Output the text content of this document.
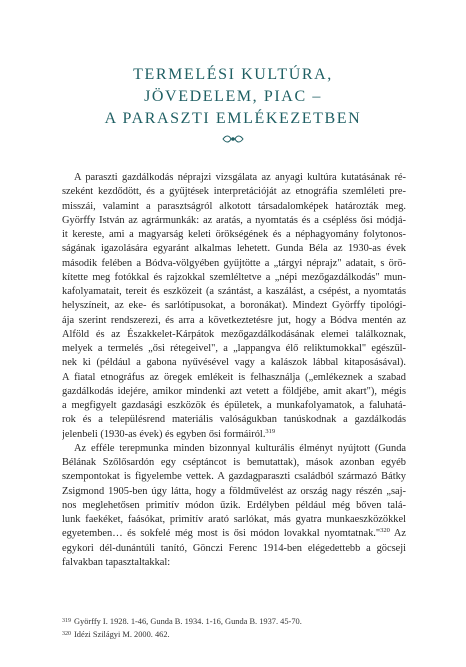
TERMELÉSI KULTÚRA,
JÖVEDELEM, PIAC –
A PARASZTI EMLÉKEZETBEN
A paraszti gazdálkodás néprajzi vizsgálata az anyagi kultúra kutatásának ré-
szeként kezdődött, és a gyűjtések interpretációját az etnográfia szemléleti pre-
misszái, valamint a parasztságról alkotott társadalomképek határozták meg.
Györffy István az agrármunkák: az aratás, a nyomtatás és a csépléss ősi módjá-
it kereste, ami a magyarság keleti örökségének és a néphagyomány folytonos-
ságának igazolására egyaránt alkalmas lehetett. Gunda Béla az 1930-as évek
második felében a Bódva-völgyében gyűjtötte a „tárgyi néprajz" adatait, s örö-
kítette meg fotókkal és rajzokkal szemléltetve a „népi mezőgazdálkodás" mun-
kafolyamatait, tereit és eszközeit (a szántást, a kaszálást, a csépést, a nyomtatás
helyszíneit, az eke- és sarlótípusokat, a boronákat). Mindezt Györffy tipológi-
ája szerint rendszerezi, és arra a következtetésre jut, hogy a Bódva mentén az
Alföld és az Északkelet-Kárpátok mezőgazdálkodásának elemei találkoznak,
melyek a termelés „ősi rétegeivel", a „lappangva élő reliktumokkal" egészül-
nek ki (például a gabona nyűvésével vagy a kalászok lábbal kitaposásával).
A fiatal etnográfus az öregek emlékeit is felhasználja („emlékeznek a szabad
gazdálkodás idejére, amikor mindenki azt vetett a földjébe, amit akart"), mégis
a megfigyelt gazdasági eszközök és épületek, a munkafolyamatok, a faluhatá-
rok és a településrend materiális valóságukban tanúskodnak a gazdálkodás
jelenbeli (1930-as évek) és egyben ősi formáiról.$^{319}$
Az efféle terepmunka minden bizonnyal kulturális élményt nyújtott (Gunda
Bélának Szőlősardón egy cséptáncot is bemutattak), mások azonban egyéb
szempontokat is figyelembe vettek. A gazdagparaszti családból származó Bátky
Zsigmond 1905-ben úgy látta, hogy a földművelést az ország nagy részén „saj-
nos meglehetősen primitív módon űzik. Erdélyben például még bőven talá-
lunk faekéket, faásókat, primitív arató sarlókat, más gyatra munkaeszközökkel
egyetemben… és sokfelé még most is ősi módon lovakkal nyomtatnak."$^{320}$ Az
egykori dél-dunántúli tanító, Gönczi Ferenc 1914-ben elégedettebb a göcseji
falvakban tapasztaltakkal:
319 Györffy I. 1928. 1-46, Gunda B. 1934. 1-16, Gunda B. 1937. 45-70.
320 Idézi Szilágyi M. 2000. 462.
